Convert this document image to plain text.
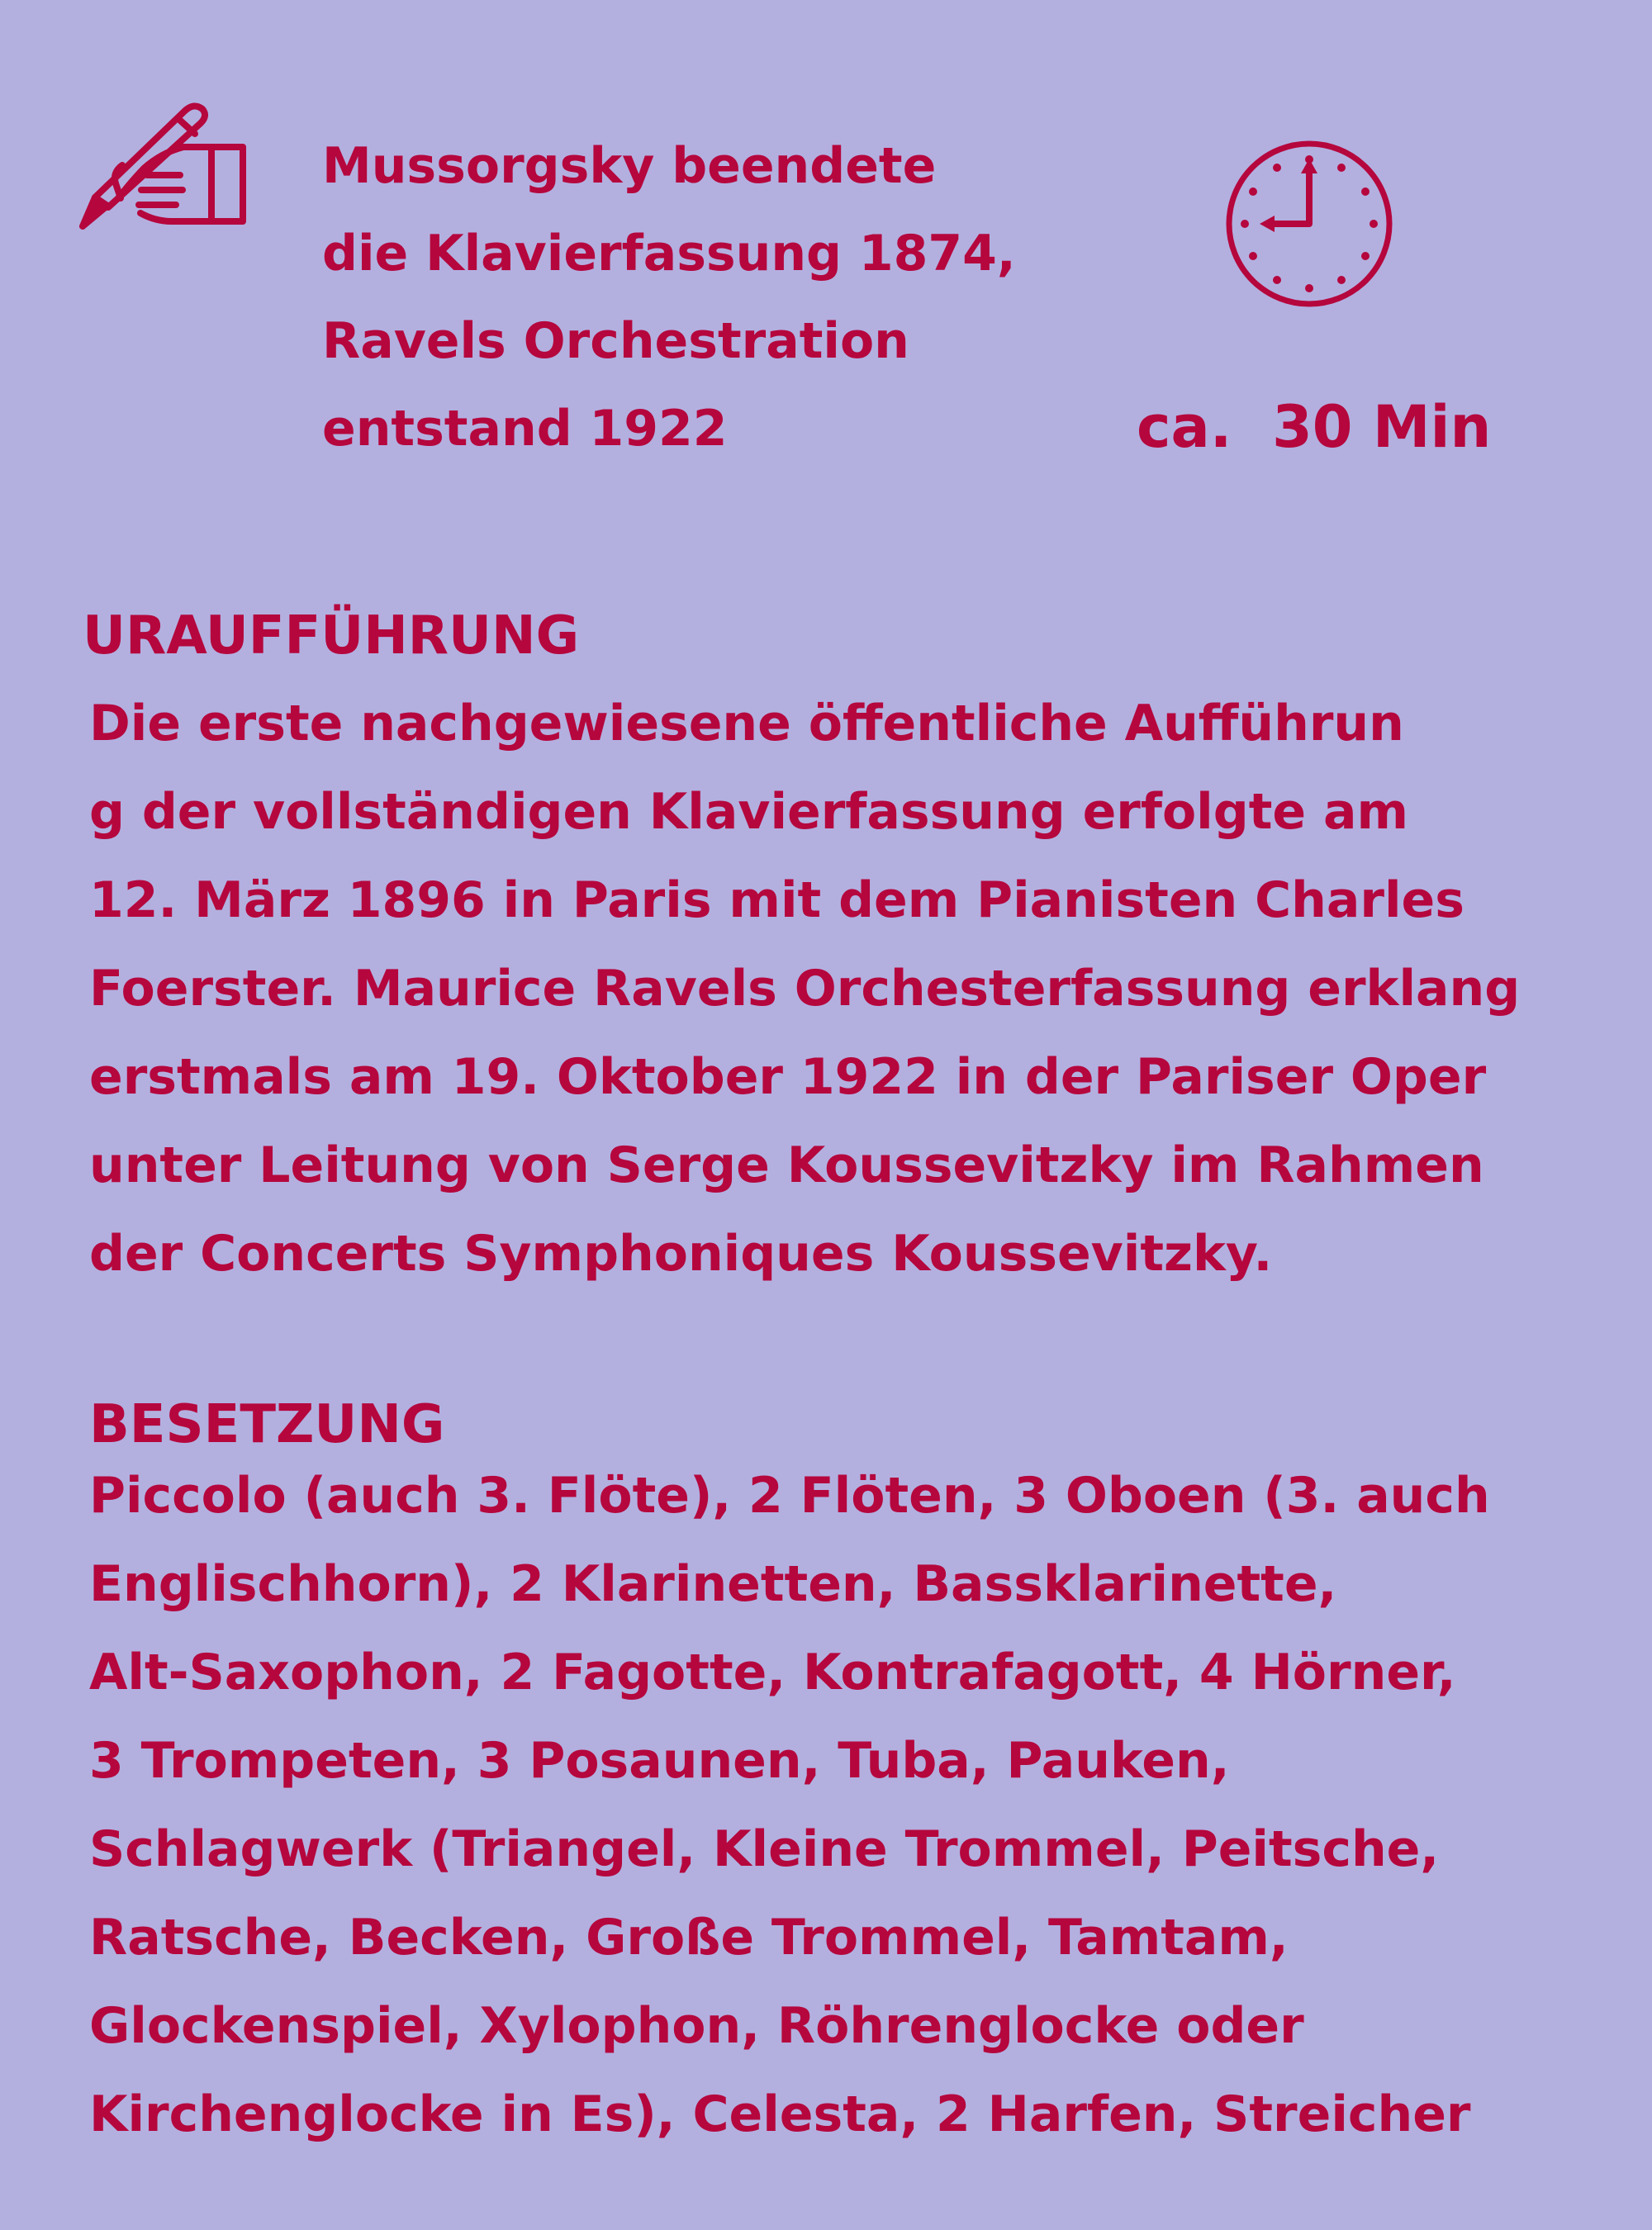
Mussorgsky beendete
die Klavierfassung 1874,
Ravels Orchestration
entstand 1922	ca.  30 Min
URAUFFÜHRUNG
Die erste nachgewiesene öffentliche Aufführun
g der vollständigen Klavierfassung erfolgte am
12. März 1896 in Paris mit dem Pianisten Charles
Foerster. Maurice Ravels Orchesterfassung erklang
erstmals am 19. Oktober 1922 in der Pariser Oper
unter Leitung von Serge Koussevitzky im Rahmen
der Concerts Symphoniques Koussevitzky.
BESETZUNG
Piccolo (auch 3. Flöte), 2 Flöten, 3 Oboen (3. auch
Englischhorn), 2 Klarinetten, Bassklarinette,
Alt-Saxophon, 2 Fagotte, Kontrafagott, 4 Hörner,
3 Trompeten, 3 Posaunen, Tuba, Pauken,
Schlagwerk (Triangel, Kleine Trommel, Peitsche,
Ratsche, Becken, Große Trommel, Tamtam,
Glockenspiel, Xylophon, Röhrenglocke oder
Kirchenglocke in Es), Celesta, 2 Harfen, Streicher
